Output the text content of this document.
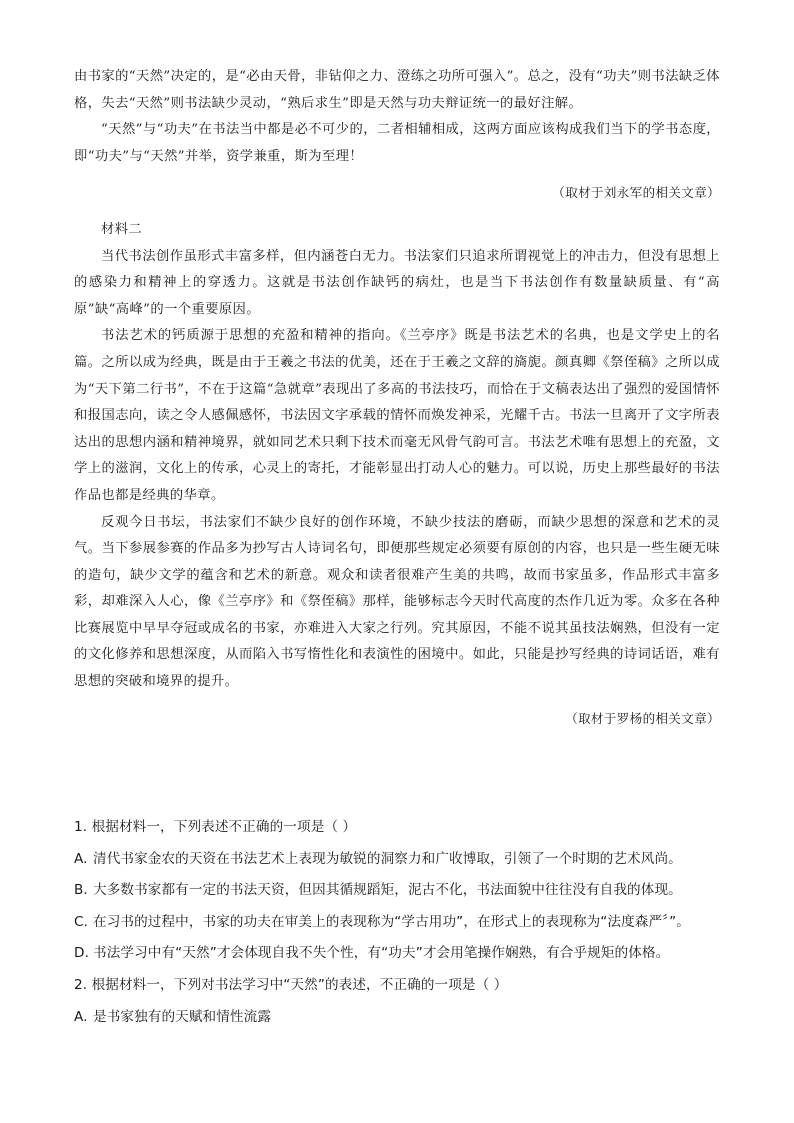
由书家的“天然”决定的，是“必由天骨，非钻仰之力、澄练之功所可强入”。总之，没有“功夫”则书法缺乏体格，失去“天然”则书法缺少灵动，“熟后求生”即是天然与功夫辩证统一的最好注解。

“天然”与“功夫”在书法当中都是必不可少的，二者相辅相成，这两方面应该构成我们当下的学书态度，即“功夫”与“天然”并举，资学兼重，斯为至理！

（取材于刘永军的相关文章）

材料二

当代书法创作虽形式丰富多样，但内涵苍白无力。书法家们只追求所谓视觉上的冲击力，但没有思想上的感染力和精神上的穿透力。这就是书法创作缺钙的病灶，也是当下书法创作有数量缺质量、有“高原”缺“高峰”的一个重要原因。

书法艺术的钙质源于思想的充盈和精神的指向。《兰亭序》既是书法艺术的名典，也是文学史上的名篇。之所以成为经典，既是由于王羲之书法的优美，还在于王羲之文辞的旖旎。颜真卿《祭侄稿》之所以成为“天下第二行书”，不在于这篇“急就章”表现出了多高的书法技巧，而恰在于文稿表达出了强烈的爱国情怀和报国志向，读之令人感佩感怀，书法因文字承载的情怀而焕发神采，光耀千古。书法一旦离开了文字所表达出的思想内涵和精神境界，就如同艺术只剩下技术而毫无风骨气韵可言。书法艺术唯有思想上的充盈，文学上的滋润，文化上的传承，心灵上的寄托，才能彰显出打动人心的魅力。可以说，历史上那些最好的书法作品也都是经典的华章。

反观今日书坛，书法家们不缺少良好的创作环境，不缺少技法的磨砺，而缺少思想的深意和艺术的灵气。当下参展参赛的作品多为抄写古人诗词名句，即便那些规定必须要有原创的内容，也只是一些生硬无味的造句，缺少文学的蕴含和艺术的新意。观众和读者很难产生美的共鸣，故而书家虽多，作品形式丰富多彩，却难深入人心，像《兰亭序》和《祭侄稿》那样，能够标志今天时代高度的杰作几近为零。众多在各种比赛展览中早早夺冠或成名的书家，亦难进入大家之行列。究其原因，不能不说其虽技法娴熟，但没有一定的文化修养和思想深度，从而陷入书写惰性化和表演性的困境中。如此，只能是抄写经典的诗词话语，难有思想的突破和境界的提升。

（取材于罗杨的相关文章）

1. 根据材料一，下列表述不正确的一项是（ ）

A. 清代书家金农的天资在书法艺术上表现为敏锐的洞察力和广收博取，引领了一个时期的艺术风尚。

B. 大多数书家都有一定的书法天资，但因其循规蹈矩，泥古不化，书法面貌中往往没有自我的体现。

C. 在习书的过程中，书家的功夫在审美上的表现称为“学古用功”，在形式上的表现称为“法度森严〞”。

D. 书法学习中有“天然”才会体现自我不失个性，有“功夫”才会用笔操作娴熟，有合乎规矩的体格。

2. 根据材料一，下列对书法学习中“天然”的表述，不正确的一项是（ ）

A. 是书家独有的天赋和情性流露
